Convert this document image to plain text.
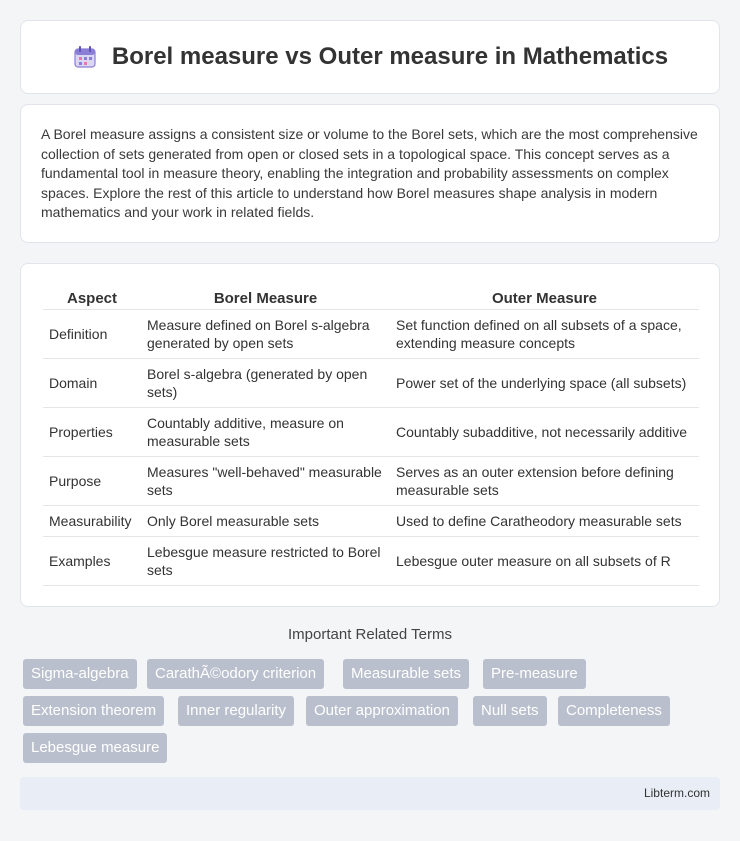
Borel measure vs Outer measure in Mathematics

A Borel measure assigns a consistent size or volume to the Borel sets, which are the most comprehensive collection of sets generated from open or closed sets in a topological space. This concept serves as a fundamental tool in measure theory, enabling the integration and probability assessments on complex spaces. Explore the rest of this article to understand how Borel measures shape analysis in modern mathematics and your work in related fields.

Aspect	Borel Measure	Outer Measure
Definition	Measure defined on Borel s-algebra generated by open sets	Set function defined on all subsets of a space, extending measure concepts
Domain	Borel s-algebra (generated by open sets)	Power set of the underlying space (all subsets)
Properties	Countably additive, measure on measurable sets	Countably subadditive, not necessarily additive
Purpose	Measures "well-behaved" measurable sets	Serves as an outer extension before defining measurable sets
Measurability	Only Borel measurable sets	Used to define Caratheodory measurable sets
Examples	Lebesgue measure restricted to Borel sets	Lebesgue outer measure on all subsets of R
Important Related Terms
Sigma-algebra	CarathÃ©odory criterion	Measurable sets	Pre-measure
Extension theorem	Inner regularity	Outer approximation	Null sets	Completeness
Lebesgue measure
Libterm.com
